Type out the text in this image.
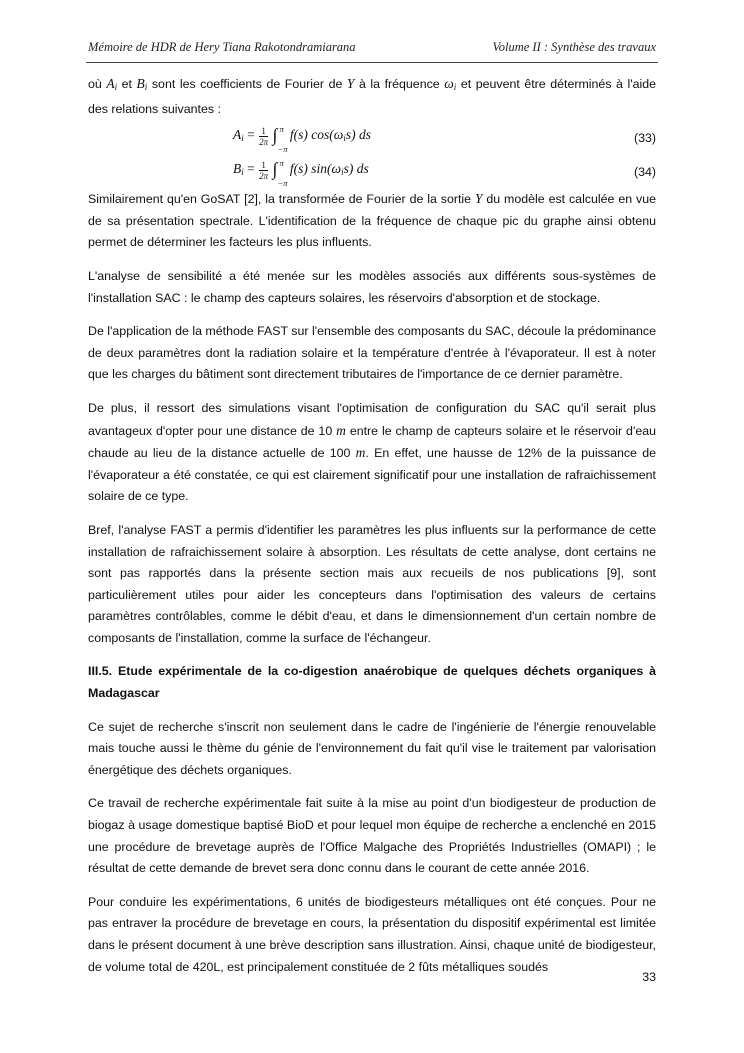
Mémoire de HDR de Hery Tiana Rakotondramiarana	Volume II : Synthèse des travaux

où $A_i$ et $B_i$ sont les coefficients de Fourier de Y à la fréquence $\omega_i$ et peuvent être déterminés à l'aide des relations suivantes :

$A_i = \frac{1}{2\pi}$ ∫ π
−π
f(s) $\cos(\omega_is)$ ds	(33)
$B_i = \frac{1}{2\pi}$ ∫ π
−π
f(s) $\sin(\omega_is)$ ds	(34)

Similairement qu'en GoSAT [2], la transformée de Fourier de la sortie Y du modèle est calculée en vue de sa présentation spectrale. L'identification de la fréquence de chaque pic du graphe ainsi obtenu permet de déterminer les facteurs les plus influents.

L'analyse de sensibilité a été menée sur les modèles associés aux différents sous-systèmes de l'installation SAC : le champ des capteurs solaires, les réservoirs d'absorption et de stockage.

De l'application de la méthode FAST sur l'ensemble des composants du SAC, découle la prédominance de deux paramètres dont la radiation solaire et la température d'entrée à l'évaporateur. Il est à noter que les charges du bâtiment sont directement tributaires de l'importance de ce dernier paramètre.

De plus, il ressort des simulations visant l'optimisation de configuration du SAC qu'il serait plus avantageux d'opter pour une distance de 10 m entre le champ de capteurs solaire et le réservoir d'eau chaude au lieu de la distance actuelle de 100 m. En effet, une hausse de 12% de la puissance de l'évaporateur a été constatée, ce qui est clairement significatif pour une installation de rafraichissement solaire de ce type.

Bref, l'analyse FAST a permis d'identifier les paramètres les plus influents sur la performance de cette installation de rafraichissement solaire à absorption. Les résultats de cette analyse, dont certains ne sont pas rapportés dans la présente section mais aux recueils de nos publications [9], sont particulièrement utiles pour aider les concepteurs dans l'optimisation des valeurs de certains paramètres contrôlables, comme le débit d'eau, et dans le dimensionnement d'un certain nombre de composants de l'installation, comme la surface de l'échangeur.

III.5. Etude expérimentale de la co-digestion anaérobique de quelques déchets organiques à Madagascar

Ce sujet de recherche s'inscrit non seulement dans le cadre de l'ingénierie de l'énergie renouvelable mais touche aussi le thème du génie de l'environnement du fait qu'il vise le traitement par valorisation énergétique des déchets organiques.

Ce travail de recherche expérimentale fait suite à la mise au point d'un biodigesteur de production de biogaz à usage domestique baptisé BioD et pour lequel mon équipe de recherche a enclenché en 2015 une procédure de brevetage auprès de l'Office Malgache des Propriétés Industrielles (OMAPI) ; le résultat de cette demande de brevet sera donc connu dans le courant de cette année 2016.

Pour conduire les expérimentations, 6 unités de biodigesteurs métalliques ont été conçues. Pour ne pas entraver la procédure de brevetage en cours, la présentation du dispositif expérimental est limitée dans le présent document à une brève description sans illustration. Ainsi, chaque unité de biodigesteur, de volume total de 420L, est principalement constituée de 2 fûts métalliques soudés

33
